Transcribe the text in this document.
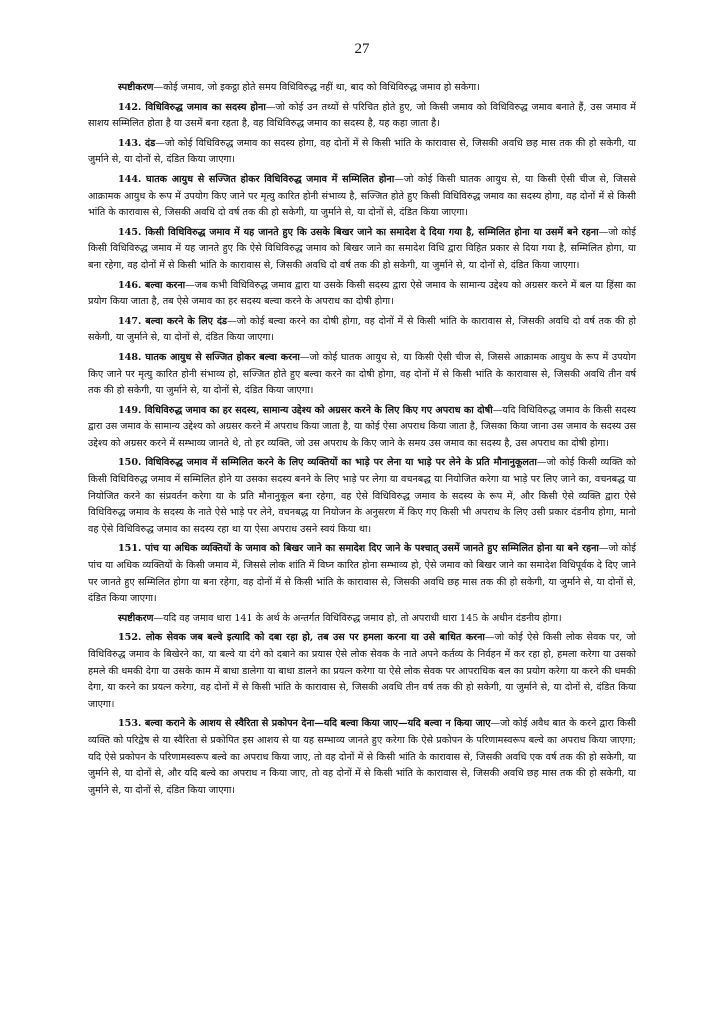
27

स्पष्टीकरण—कोई जमाव, जो इकट्ठा होते समय विधिविरुद्ध नहीं था, बाद को विधिविरुद्ध जमाव हो सकेगा।

142. विधिविरुद्ध जमाव का सदस्य होना—जो कोई उन तथ्यों से परिचित होते हुए, जो किसी जमाव को विधिविरुद्ध जमाव बनाते हैं, उस जमाव में साशय सम्मिलित होता है या उसमें बना रहता है, वह विधिविरुद्ध जमाव का सदस्य है, यह कहा जाता है।

143. दंड—जो कोई विधिविरुद्ध जमाव का सदस्य होगा, वह दोनों में से किसी भांति के कारावास से, जिसकी अवधि छह मास तक की हो सकेगी, या जुर्माने से, या दोनों से, दंडित किया जाएगा।

144. घातक आयुध से सज्जित होकर विधिविरुद्ध जमाव में सम्मिलित होना—जो कोई किसी घातक आयुध से, या किसी ऐसी चीज से, जिससे आक्रामक आयुध के रूप में उपयोग किए जाने पर मृत्यु कारित होनी संभाव्य है, सज्जित होते हुए किसी विधिविरुद्ध जमाव का सदस्य होगा, वह दोनों में से किसी भांति के कारावास से, जिसकी अवधि दो वर्ष तक की हो सकेगी, या जुर्माने से, या दोनों से, दंडित किया जाएगा।

145. किसी विधिविरुद्ध जमाव में यह जानते हुए कि उसके बिखर जाने का समादेश दे दिया गया है, सम्मिलित होना या उसमें बने रहना—जो कोई किसी विधिविरुद्ध जमाव में यह जानते हुए कि ऐसे विधिविरुद्ध जमाव को बिखर जाने का समादेश विधि द्वारा विहित प्रकार से दिया गया है, सम्मिलित होगा, या बना रहेगा, वह दोनों में से किसी भांति के कारावास से, जिसकी अवधि दो वर्ष तक की हो सकेगी, या जुर्माने से, या दोनों से, दंडित किया जाएगा।

146. बल्वा करना—जब कभी विधिविरुद्ध जमाव द्वारा या उसके किसी सदस्य द्वारा ऐसे जमाव के सामान्य उद्देश्य को अग्रसर करने में बल या हिंसा का प्रयोग किया जाता है, तब ऐसे जमाव का हर सदस्य बल्वा करने के अपराध का दोषी होगा।

147. बल्वा करने के लिए दंड—जो कोई बल्वा करने का दोषी होगा, वह दोनों में से किसी भांति के कारावास से, जिसकी अवधि दो वर्ष तक की हो सकेगी, या जुर्माने से, या दोनों से, दंडित किया जाएगा।

148. घातक आयुध से सज्जित होकर बल्वा करना—जो कोई घातक आयुध से, या किसी ऐसी चीज से, जिससे आक्रामक आयुध के रूप में उपयोग किए जाने पर मृत्यु कारित होनी संभाव्य हो, सज्जित होते हुए बल्वा करने का दोषी होगा, वह दोनों में से किसी भांति के कारावास से, जिसकी अवधि तीन वर्ष तक की हो सकेगी, या जुर्माने से, या दोनों से, दंडित किया जाएगा।

149. विधिविरुद्ध जमाव का हर सदस्य, सामान्य उद्देश्य को अग्रसर करने के लिए किए गए अपराध का दोषी—यदि विधिविरुद्ध जमाव के किसी सदस्य द्वारा उस जमाव के सामान्य उद्देश्य को अग्रसर करने में अपराध किया जाता है, या कोई ऐसा अपराध किया जाता है, जिसका किया जाना उस जमाव के सदस्य उस उद्देश्य को अग्रसर करने में सम्भाव्य जानते थे, तो हर व्यक्ति, जो उस अपराध के किए जाने के समय उस जमाव का सदस्य है, उस अपराध का दोषी होगा।

150. विधिविरुद्ध जमाव में सम्मिलित करने के लिए व्यक्तियों का भाड़े पर लेना या भाड़े पर लेने के प्रति मौनानुकूलता—जो कोई किसी व्यक्ति को किसी विधिविरुद्ध जमाव में सम्मिलित होने या उसका सदस्य बनने के लिए भाड़े पर लेगा या वचनबद्ध या नियोजित करेगा या भाड़े पर लिए जाने का, वचनबद्ध या नियोजित करने का संप्रवर्तन करेगा या के प्रति मौनानुकूल बना रहेगा, वह ऐसे विधिविरुद्ध जमाव के सदस्य के रूप में, और किसी ऐसे व्यक्ति द्वारा ऐसे विधिविरुद्ध जमाव के सदस्य के नाते ऐसे भाड़े पर लेने, वचनबद्ध या नियोजन के अनुसरण में किए गए किसी भी अपराध के लिए उसी प्रकार दंडनीय होगा, मानो वह ऐसे विधिविरुद्ध जमाव का सदस्य रहा था या ऐसा अपराध उसने स्वयं किया था।

151. पांच या अधिक व्यक्तियों के जमाव को बिखर जाने का समादेश दिए जाने के पश्चात् उसमें जानते हुए सम्मिलित होना या बने रहना—जो कोई पांच या अधिक व्यक्तियों के किसी जमाव में, जिससे लोक शांति में विघ्न कारित होना सम्भाव्य हो, ऐसे जमाव को बिखर जाने का समादेश विधिपूर्वक दे दिए जाने पर जानते हुए सम्मिलित होगा या बना रहेगा, वह दोनों में से किसी भांति के कारावास से, जिसकी अवधि छह मास तक की हो सकेगी, या जुर्माने से, या दोनों से, दंडित किया जाएगा।

स्पष्टीकरण—यदि वह जमाव धारा 141 के अर्थ के अन्तर्गत विधिविरुद्ध जमाव हो, तो अपराधी धारा 145 के अधीन दंडनीय होगा।

152. लोक सेवक जब बल्वे इत्यादि को दबा रहा हो, तब उस पर हमला करना या उसे बाधित करना—जो कोई ऐसे किसी लोक सेवक पर, जो विधिविरुद्ध जमाव के बिखेरने का, या बल्वे या दंगे को दबाने का प्रयास ऐसे लोक सेवक के नाते अपने कर्तव्य के निर्वहन में कर रहा हो, हमला करेगा या उसको हमले की धमकी देगा या उसके काम में बाधा डालेगा या बाधा डालने का प्रयत्न करेगा या ऐसे लोक सेवक पर आपराधिक बल का प्रयोग करेगा या करने की धमकी देगा, या करने का प्रयत्न करेगा, वह दोनों में से किसी भांति के कारावास से, जिसकी अवधि तीन वर्ष तक की हो सकेगी, या जुर्माने से, या दोनों से, दंडित किया जाएगा।

153. बल्वा कराने के आशय से स्वैरिता से प्रकोपन देना—यदि बल्वा किया जाए—यदि बल्वा न किया जाए—जो कोई अवैध बात के करने द्वारा किसी व्यक्ति को परिद्वेष से या स्वैरिता से प्रकोपित इस आशय से या यह सम्भाव्य जानते हुए करेगा कि ऐसे प्रकोपन के परिणामस्वरूप बल्वे का अपराध किया जाएगा; यदि ऐसे प्रकोपन के परिणामस्वरूप बल्वे का अपराध किया जाए, तो वह दोनों में से किसी भांति के कारावास से, जिसकी अवधि एक वर्ष तक की हो सकेगी, या जुर्माने से, या दोनों से, और यदि बल्वे का अपराध न किया जाए, तो वह दोनों में से किसी भांति के कारावास से, जिसकी अवधि छह मास तक की हो सकेगी, या जुर्माने से, या दोनों से, दंडित किया जाएगा।
